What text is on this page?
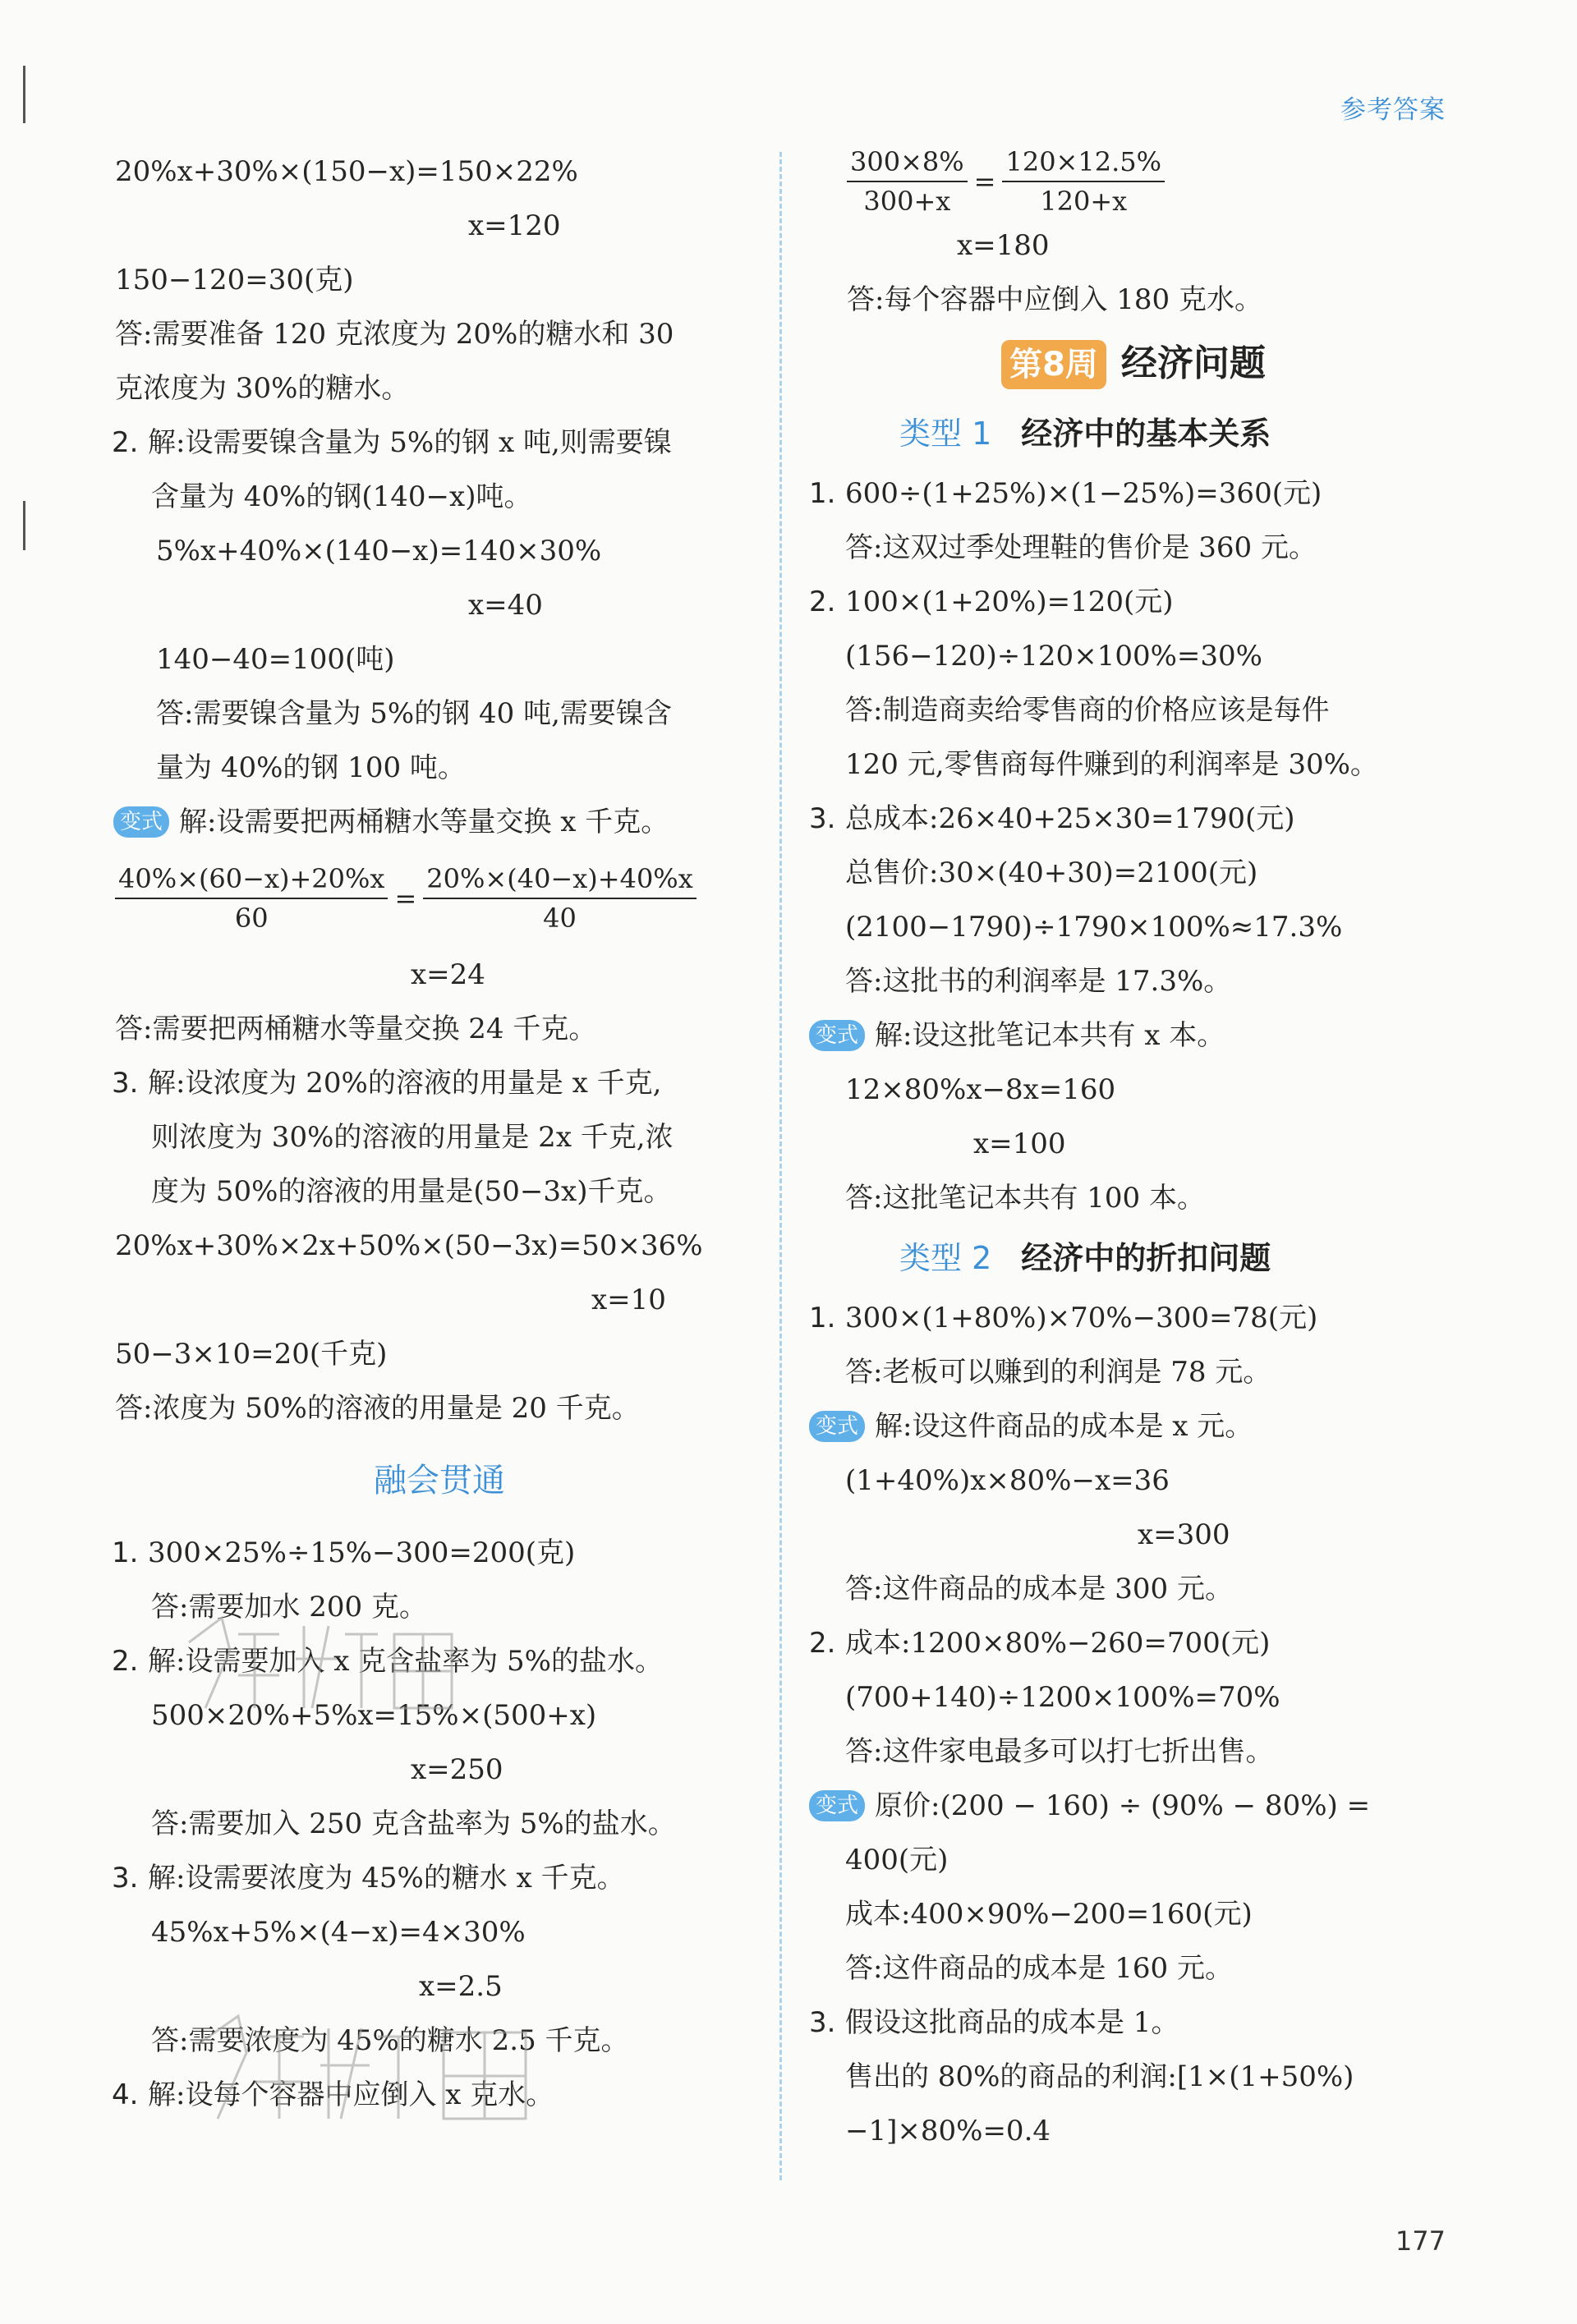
参考答案
20%x+30%×(150−x)=150×22%
x=120
150−120=30(克)
答:需要准备 120 克浓度为 20%的糖水和 30
克浓度为 30%的糖水。
2. 解:设需要镍含量为 5%的钢 x 吨,则需要镍
含量为 40%的钢(140−x)吨。
5%x+40%×(140−x)=140×30%
x=40
140−40=100(吨)
答:需要镍含量为 5%的钢 40 吨,需要镍含
量为 40%的钢 100 吨。
变式 解:设需要把两桶糖水等量交换 x 千克。
$\frac{40\%\times(60-x)+20\%x}{60} = \frac{20\%\times(40-x)+40\%x}{40}$
x=24
答:需要把两桶糖水等量交换 24 千克。
3. 解:设浓度为 20%的溶液的用量是 x 千克,
则浓度为 30%的溶液的用量是 2x 千克,浓
度为 50%的溶液的用量是(50−3x)千克。
20%x+30%×2x+50%×(50−3x)=50×36%
x=10
50−3×10=20(千克)
答:浓度为 50%的溶液的用量是 20 千克。
融会贯通
1. 300×25%÷15%−300=200(克)
答:需要加水 200 克。
2. 解:设需要加入 x 克含盐率为 5%的盐水。
500×20%+5%x=15%×(500+x)
x=250
答:需要加入 250 克含盐率为 5%的盐水。
3. 解:设需要浓度为 45%的糖水 x 千克。
45%x+5%×(4−x)=4×30%
x=2.5
答:需要浓度为 45%的糖水 2.5 千克。
4. 解:设每个容器中应倒入 x 克水。
$\frac{300\times 8\%}{300+x} = \frac{120\times 12.5\%}{120+x}$
x=180
答:每个容器中应倒入 180 克水。
第8周 经济问题
类型 1 经济中的基本关系
1. 600÷(1+25%)×(1−25%)=360(元)
答:这双过季处理鞋的售价是 360 元。
2. 100×(1+20%)=120(元)
(156−120)÷120×100%=30%
答:制造商卖给零售商的价格应该是每件
120 元,零售商每件赚到的利润率是 30%。
3. 总成本:26×40+25×30=1790(元)
总售价:30×(40+30)=2100(元)
(2100−1790)÷1790×100%≈17.3%
答:这批书的利润率是 17.3%。
变式 解:设这批笔记本共有 x 本。
12×80%x−8x=160
x=100
答:这批笔记本共有 100 本。
类型 2 经济中的折扣问题
1. 300×(1+80%)×70%−300=78(元)
答:老板可以赚到的利润是 78 元。
变式 解:设这件商品的成本是 x 元。
(1+40%)x×80%−x=36
x=300
答:这件商品的成本是 300 元。
2. 成本:1200×80%−260=700(元)
(700+140)÷1200×100%=70%
答:这件家电最多可以打七折出售。
变式 原价:(200 − 160) ÷ (90% − 80%) =
400(元)
成本:400×90%−200=160(元)
答:这件商品的成本是 160 元。
3. 假设这批商品的成本是 1。
售出的 80%的商品的利润:[1×(1+50%)
−1]×80%=0.4
177
